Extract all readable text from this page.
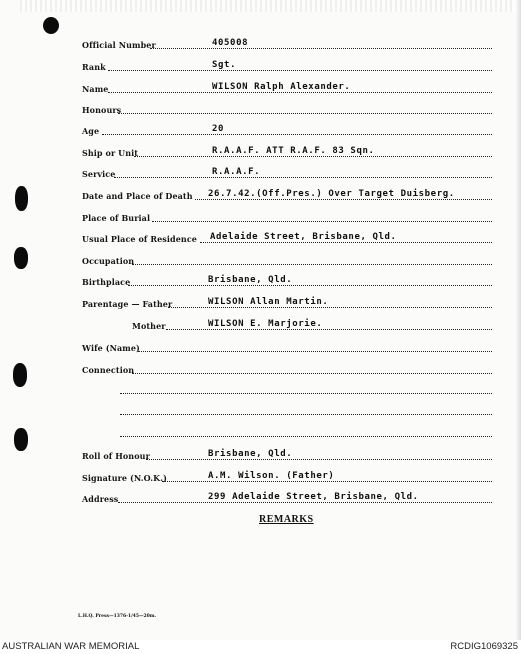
Official Number	405008
Rank	Sgt.
Name	WILSON Ralph Alexander.
Honours
Age	20
Ship or Unit	R.A.A.F. ATT R.A.F. 83 Sqn.
Service	R.A.A.F.
Date and Place of Death 26.7.42.(Off.Pres.) Over Target Duisberg.
Place of Burial
Usual Place of Residence Adelaide Street, Brisbane, Qld.
Occupation
Birthplace	Brisbane, Qld.
Parentage — Father	WILSON Allan Martin.
Mother	WILSON E. Marjorie.
Wife (Name)
Connection
Roll of Honour	Brisbane, Qld.
Signature (N.O.K.)	A.M. Wilson. (Father)
Address	299 Adelaide Street, Brisbane, Qld.
REMARKS
L.H.Q. Press—1376-1/45—20m.
AUSTRALIAN WAR MEMORIAL	RCDIG1069325
